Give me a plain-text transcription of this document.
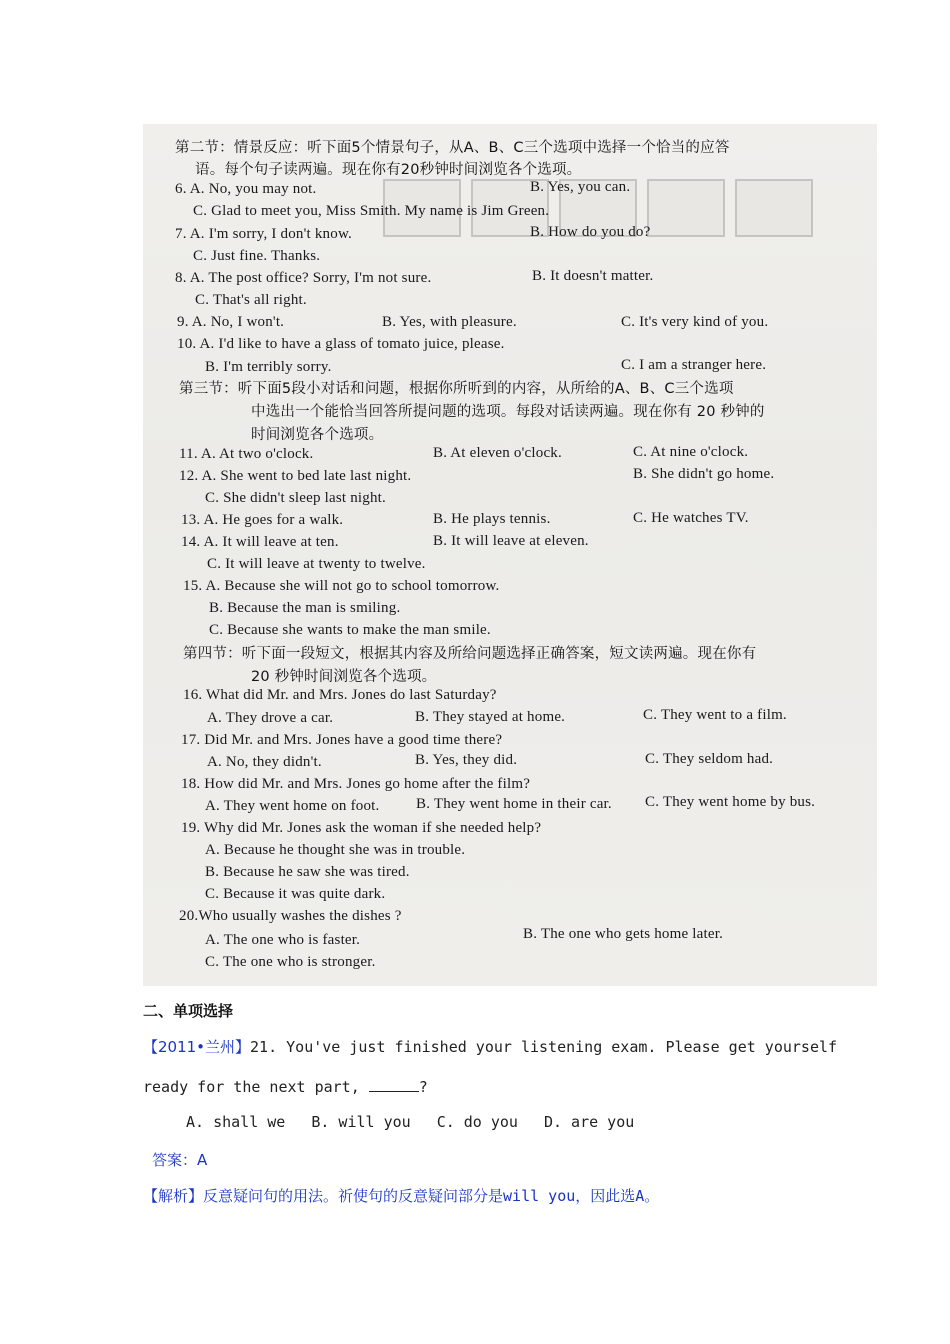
第二节：情景反应：听下面5个情景句子，从A、B、C三个选项中选择一个恰当的应答
语。每个句子读两遍。现在你有20秒钟时间浏览各个选项。
6. A. No, you may not.	B. Yes, you can.
C. Glad to meet you, Miss Smith. My name is Jim Green.
7. A. I'm sorry, I don't know.	B. How do you do?
C. Just fine. Thanks.
8. A. The post office? Sorry, I'm not sure.	B. It doesn't matter.
C. That's all right.
9. A. No, I won't.	B. Yes, with pleasure.	C. It's very kind of you.
10. A. I'd like to have a glass of tomato juice, please.
B. I'm terribly sorry.	C. I am a stranger here.
第三节：听下面5段小对话和问题，根据你所听到的内容，从所给的A、B、C三个选项
中选出一个能恰当回答所提问题的选项。每段对话读两遍。现在你有 20 秒钟的
时间浏览各个选项。
11. A. At two o'clock.	B. At eleven o'clock.	C. At nine o'clock.
12. A. She went to bed late last night.	B. She didn't go home.
C. She didn't sleep last night.
13. A. He goes for a walk.	B. He plays tennis.	C. He watches TV.
14. A. It will leave at ten.	B. It will leave at eleven.
C. It will leave at twenty to twelve.
15. A. Because she will not go to school tomorrow.
B. Because the man is smiling.
C. Because she wants to make the man smile.
第四节：听下面一段短文，根据其内容及所给问题选择正确答案，短文读两遍。现在你有
20 秒钟时间浏览各个选项。
16. What did Mr. and Mrs. Jones do last Saturday?
A. They drove a car.	B. They stayed at home.	C. They went to a film.
17. Did Mr. and Mrs. Jones have a good time there?
A. No, they didn't.	B. Yes, they did.	C. They seldom had.
18. How did Mr. and Mrs. Jones go home after the film?
A. They went home on foot. B. They went home in their car. C. They went home by bus.
19. Why did Mr. Jones ask the woman if she needed help?
A. Because he thought she was in trouble.
B. Because he saw she was tired.
C. Because it was quite dark.
20.Who usually washes the dishes ?
A. The one who is faster.	B. The one who gets home later.
C. The one who is stronger.
二、单项选择
【2011•兰州】21. You've just finished your listening exam. Please get yourself
ready for the next part,	?
A. shall we B. will you C. do you D. are you
答案：A
【解析】反意疑问句的用法。祈使句的反意疑问部分是will you，因此选A。
